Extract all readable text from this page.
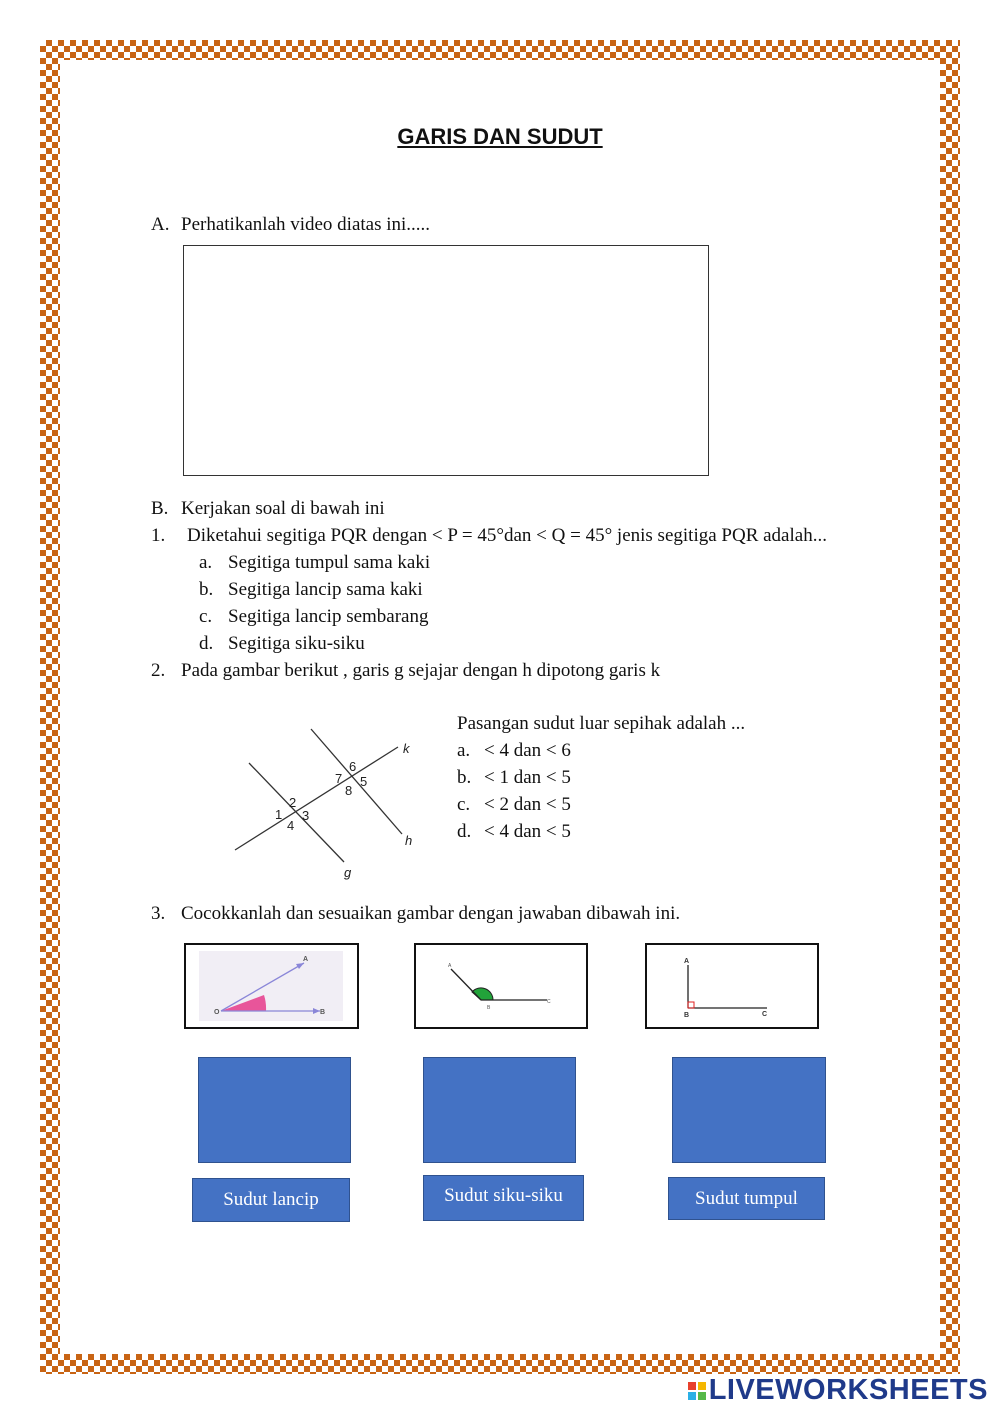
GARIS DAN SUDUT
A. Perhatikanlah video diatas ini.....
B. Kerjakan soal di bawah ini
1. Diketahui segitiga PQR dengan < P = 45°dan < Q = 45° jenis segitiga PQR adalah...
a. Segitiga tumpul sama kaki
b. Segitiga lancip sama kaki
c. Segitiga lancip sembarang
d. Segitiga siku-siku
2. Pada gambar berikut , garis g sejajar dengan h dipotong garis k
k
h
g
1
2
3
4
5
6
7
8
Pasangan sudut luar sepihak adalah ...
a. < 4 dan < 6
b. < 1 dan < 5
c. < 2 dan < 5
d. < 4 dan < 5
3. Cocokkanlah dan sesuaikan gambar dengan jawaban dibawah ini.
A
O	B
A
B
C
A
B	C
Sudut lancip	Sudut siku-siku	Sudut tumpul
LIVEWORKSHEETS
